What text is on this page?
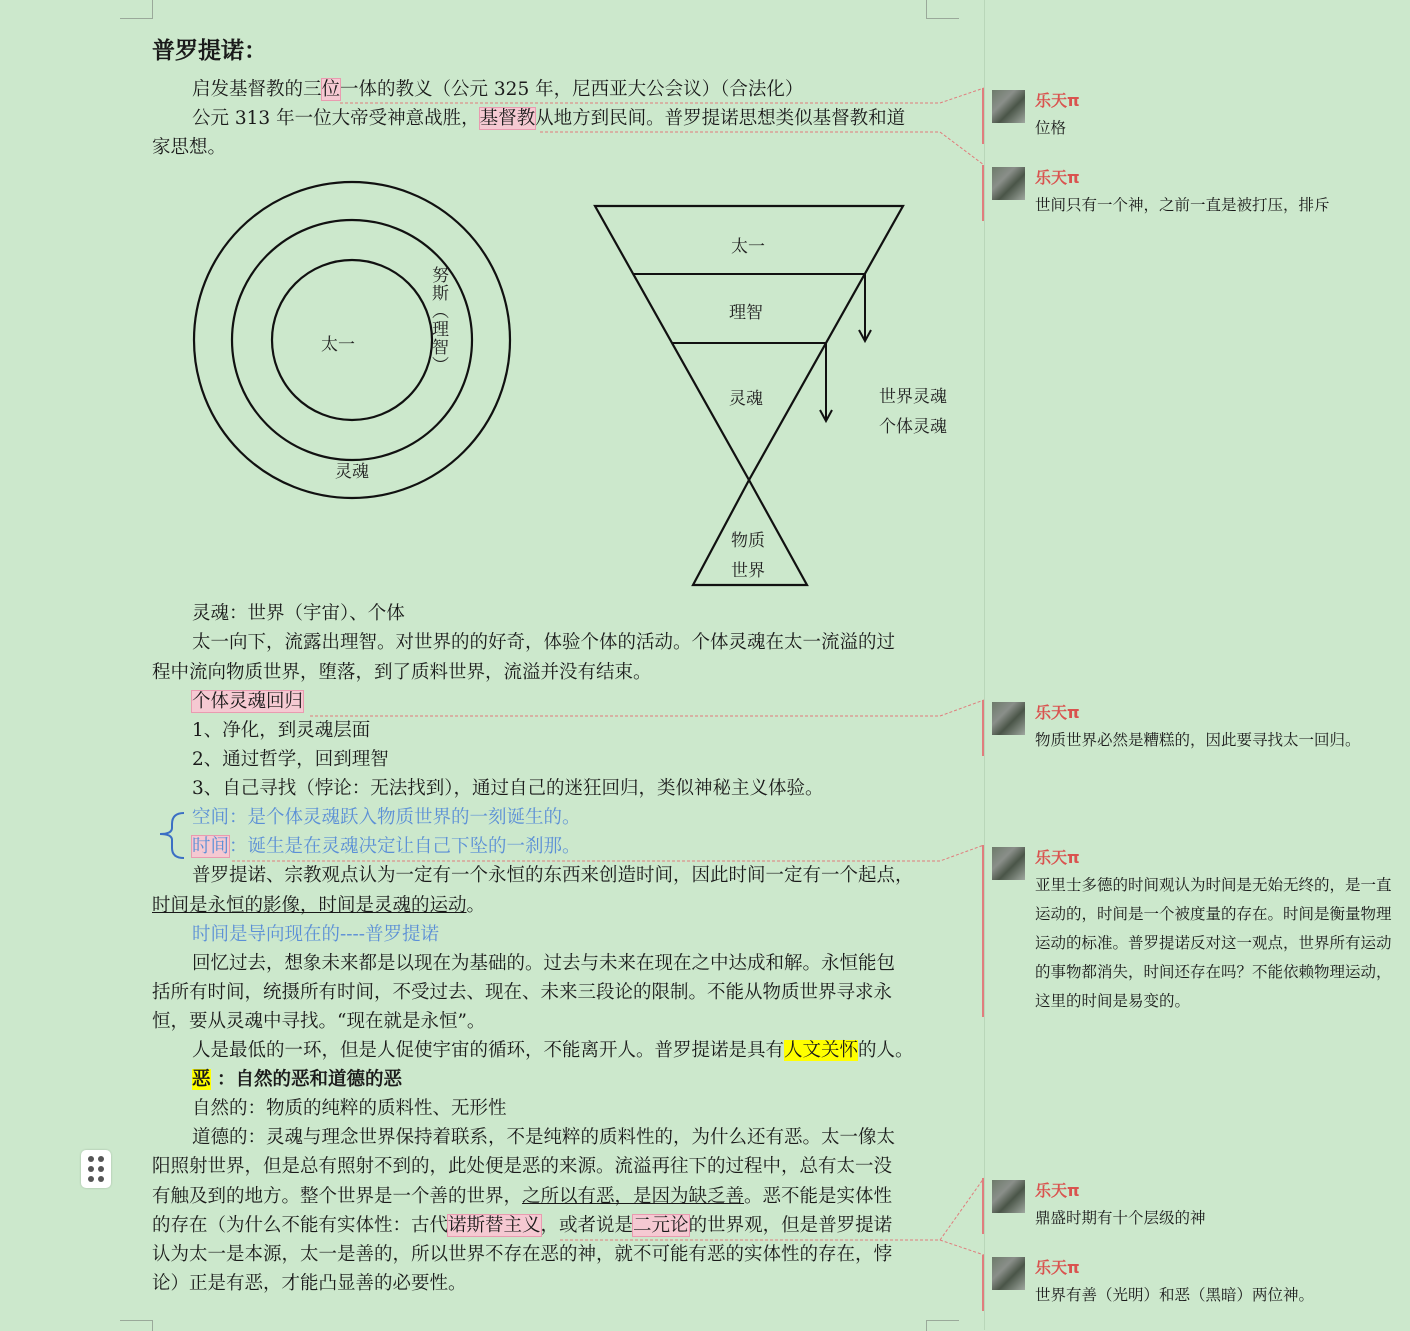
普罗提诺：
启发基督教的三位一体的教义（公元 325 年，尼西亚大公会议）（合法化）
公元 313 年一位大帝受神意战胜，基督教从地方到民间。普罗提诺思想类似基督教和道
家思想。
太一
灵魂
努斯（理智）
太一
理智
灵魂
物质
世界
世界灵魂
个体灵魂
灵魂：世界（宇宙）、个体
太一向下，流露出理智。对世界的的好奇，体验个体的活动。个体灵魂在太一流溢的过
程中流向物质世界，堕落，到了质料世界，流溢并没有结束。
个体灵魂回归
1、净化，到灵魂层面
2、通过哲学，回到理智
3、自己寻找（悖论：无法找到），通过自己的迷狂回归，类似神秘主义体验。
空间：是个体灵魂跃入物质世界的一刻诞生的。
时间：诞生是在灵魂决定让自己下坠的一刹那。
普罗提诺、宗教观点认为一定有一个永恒的东西来创造时间，因此时间一定有一个起点，
时间是永恒的影像，时间是灵魂的运动。
时间是导向现在的----普罗提诺
回忆过去，想象未来都是以现在为基础的。过去与未来在现在之中达成和解。永恒能包
括所有时间，统摄所有时间，不受过去、现在、未来三段论的限制。不能从物质世界寻求永
恒，要从灵魂中寻找。“现在就是永恒”。
人是最低的一环，但是人促使宇宙的循环，不能离开人。普罗提诺是具有人文关怀的人。
恶 ：自然的恶和道德的恶
自然的：物质的纯粹的质料性、无形性
道德的：灵魂与理念世界保持着联系，不是纯粹的质料性的，为什么还有恶。太一像太
阳照射世界，但是总有照射不到的，此处便是恶的来源。流溢再往下的过程中，总有太一没
有触及到的地方。整个世界是一个善的世界，之所以有恶，是因为缺乏善。恶不能是实体性
的存在（为什么不能有实体性：古代诺斯替主义，或者说是二元论的世界观，但是普罗提诺
认为太一是本源，太一是善的，所以世界不存在恶的神，就不可能有恶的实体性的存在，悖
论）正是有恶，才能凸显善的必要性。
乐天π
位格
乐天π
世间只有一个神，之前一直是被打压，排斥
乐天π
物质世界必然是糟糕的，因此要寻找太一回归。
乐天π
亚里士多德的时间观认为时间是无始无终的，是一直运动的，时间是一个被度量的存在。时间是衡量物理运动的标准。普罗提诺反对这一观点，世界所有运动的事物都消失，时间还存在吗？不能依赖物理运动，这里的时间是易变的。
乐天π
鼎盛时期有十个层级的神
乐天π
世界有善（光明）和恶（黑暗）两位神。
